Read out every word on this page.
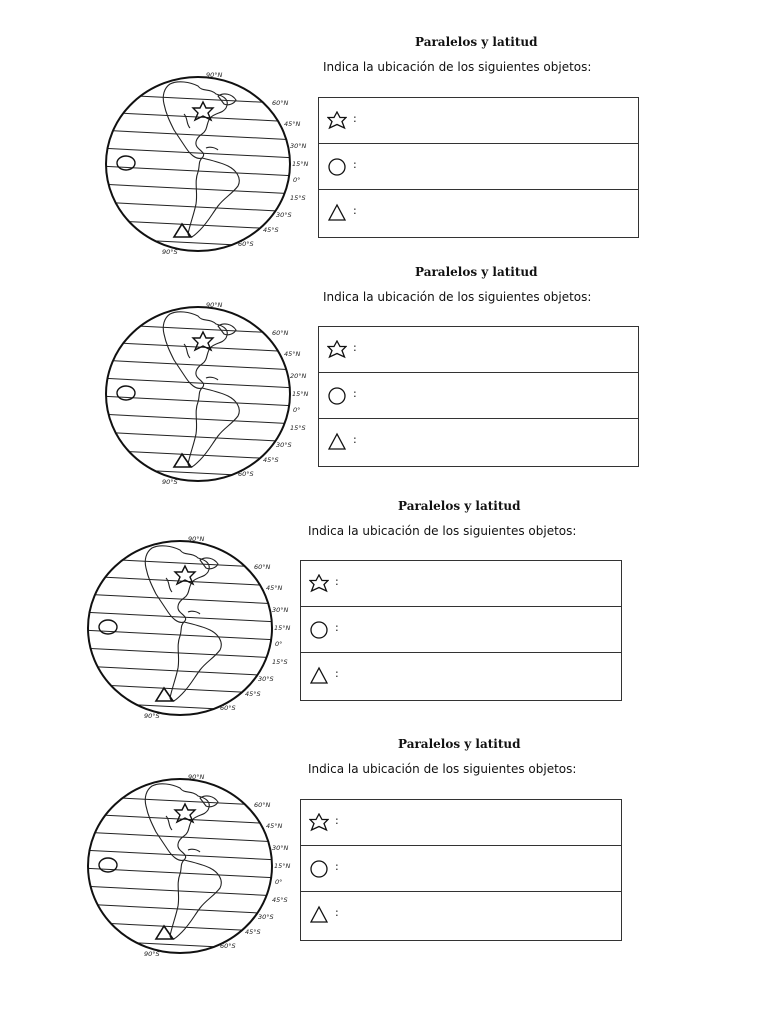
Paralelos y latitud
Indica la ubicación de los siguientes objetos:
90°N
60°N
45°N
30°N
15°N
0°
15°S
30°S
45°S
60°S
90°S
:
:
:
Paralelos y latitud
Indica la ubicación de los siguientes objetos:
90°N
60°N
45°N
20°N
15°N
0°
15°S
30°S
45°S
60°S
90°S
:
:
:
Paralelos y latitud
Indica la ubicación de los siguientes objetos:
90°N
60°N
45°N
30°N
15°N
0°
15°S
30°S
45°S
60°S
90°S
:
:
:
Paralelos y latitud
Indica la ubicación de los siguientes objetos:
90°N
60°N
45°N
30°N
15°N
0°
45°S
30°S
45°S
60°S
90°S
:
:
:
